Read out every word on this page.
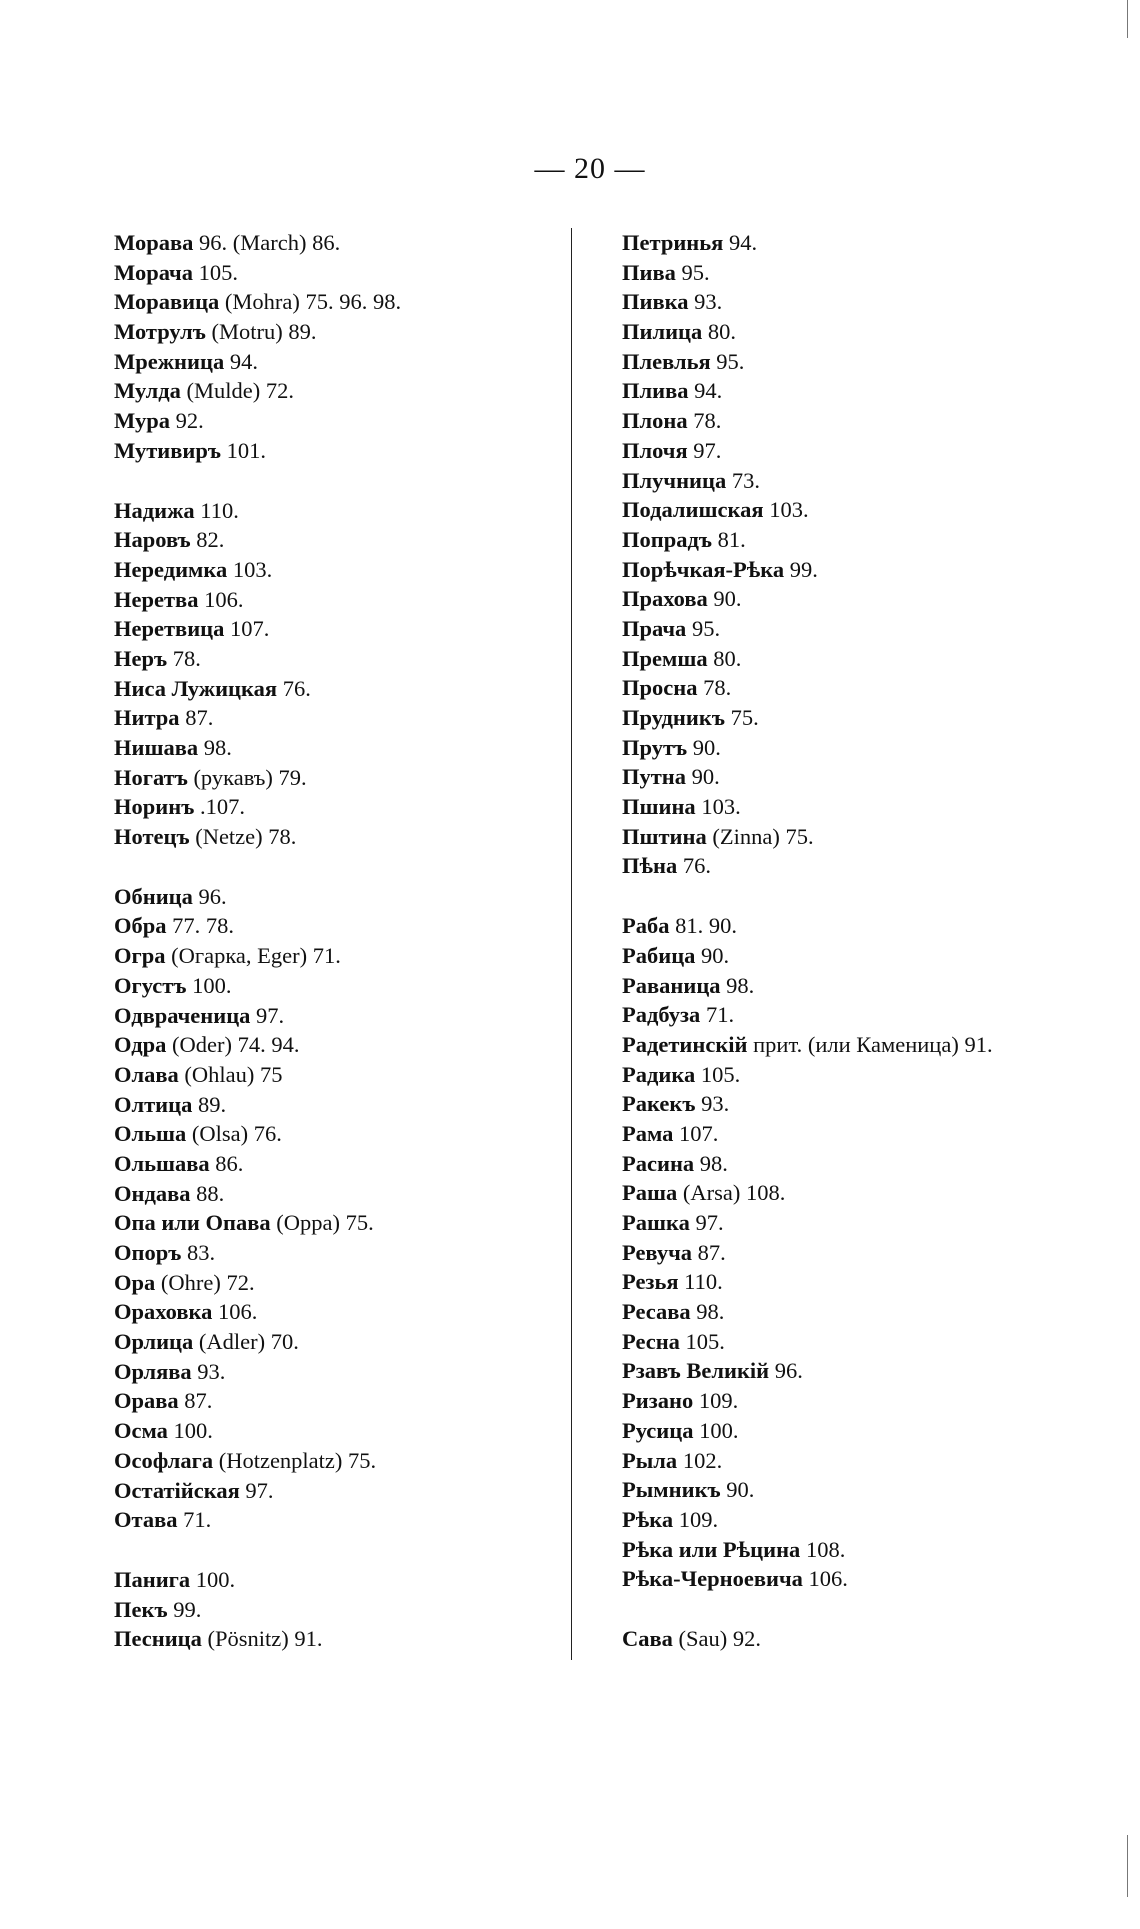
— 20 —
Морава 96. (March) 86.
Морача 105.
Моравица (Mohra) 75. 96. 98.
Мотрулъ (Motru) 89.
Мрежница 94.
Мулда (Mulde) 72.
Мура 92.
Мутивиръ 101.
Надижа 110.
Наровъ 82.
Нередимка 103.
Неретва 106.
Неретвица 107.
Неръ 78.
Ниса Лужицкая 76.
Нитра 87.
Нишава 98.
Ногатъ (рукавъ) 79.
Норинъ .107.
Нотецъ (Netze) 78.
Обница 96.
Обра 77. 78.
Огра (Огарка, Eger) 71.
Огустъ 100.
Одвраченица 97.
Одра (Oder) 74. 94.
Олава (Ohlau) 75
Олтица 89.
Ольша (Olsa) 76.
Ольшава 86.
Ондава 88.
Опа или Опава (Oppa) 75.
Опоръ 83.
Ора (Ohre) 72.
Ораховка 106.
Орлица (Adler) 70.
Орлява 93.
Орава 87.
Осма 100.
Ософлага (Hotzenplatz) 75.
Остатійская 97.
Отава 71.
Панига 100.
Пекъ 99.
Песница (Pösnitz) 91.
Петринья 94.
Пива 95.
Пивка 93.
Пилица 80.
Плевлья 95.
Плива 94.
Плона 78.
Плочя 97.
Плучница 73.
Подалишская 103.
Попрадъ 81.
Порѣчкая-Рѣка 99.
Прахова 90.
Прача 95.
Премша 80.
Просна 78.
Прудникъ 75.
Прутъ 90.
Путна 90.
Пшина 103.
Пштина (Zinna) 75.
Пѣна 76.
Раба 81. 90.
Рабица 90.
Раваница 98.
Радбуза 71.
Радетинскій прит. (или Каменица) 91.
Радика 105.
Ракекъ 93.
Рама 107.
Расина 98.
Раша (Arsa) 108.
Рашка 97.
Ревуча 87.
Резья 110.
Ресава 98.
Ресна 105.
Рзавъ Великій 96.
Ризано 109.
Русица 100.
Рыла 102.
Рымникъ 90.
Рѣка 109.
Рѣка или Рѣцина 108.
Рѣка-Черноевича 106.
Сава (Sau) 92.
